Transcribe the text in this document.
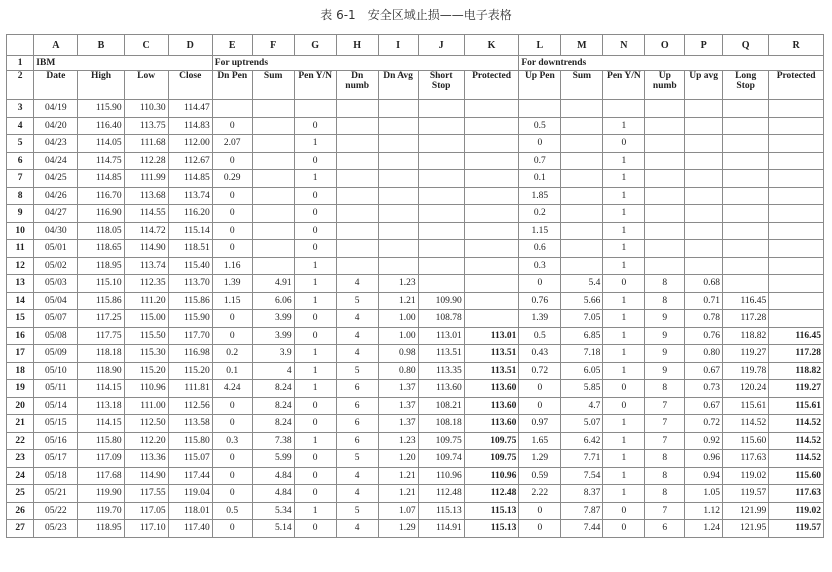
表 6-1　安全区域止损——电子表格
	A	B	C	D	E	F	G	H	I	J	K	L	M	N	O	P	Q	R
1	IBM				For uptrends							For downtrends						
2	Date	High	Low	Close	Dn Pen	Sum	Pen Y/N	Dn numb	Dn Avg	Short Stop	Protected	Up Pen	Sum	Pen Y/N	Up numb	Up avg	Long Stop	Protected
3	04/19	115.90	110.30	114.47														
4	04/20	116.40	113.75	114.83	0		0					0.5		1				
5	04/23	114.05	111.68	112.00	2.07		1					0		0				
6	04/24	114.75	112.28	112.67	0		0					0.7		1				
7	04/25	114.85	111.99	114.85	0.29		1					0.1		1				
8	04/26	116.70	113.68	113.74	0		0					1.85		1				
9	04/27	116.90	114.55	116.20	0		0					0.2		1				
10	04/30	118.05	114.72	115.14	0		0					1.15		1				
11	05/01	118.65	114.90	118.51	0		0					0.6		1				
12	05/02	118.95	113.74	115.40	1.16		1					0.3		1				
13	05/03	115.10	112.35	113.70	1.39	4.91	1	4	1.23			0	5.4	0	8	0.68		
14	05/04	115.86	111.20	115.86	1.15	6.06	1	5	1.21	109.90		0.76	5.66	1	8	0.71	116.45	
15	05/07	117.25	115.00	115.90	0	3.99	0	4	1.00	108.78		1.39	7.05	1	9	0.78	117.28	
16	05/08	117.75	115.50	117.70	0	3.99	0	4	1.00	113.01	113.01	0.5	6.85	1	9	0.76	118.82	116.45
17	05/09	118.18	115.30	116.98	0.2	3.9	1	4	0.98	113.51	113.51	0.43	7.18	1	9	0.80	119.27	117.28
18	05/10	118.90	115.20	115.20	0.1	4	1	5	0.80	113.35	113.51	0.72	6.05	1	9	0.67	119.78	118.82
19	05/11	114.15	110.96	111.81	4.24	8.24	1	6	1.37	113.60	113.60	0	5.85	0	8	0.73	120.24	119.27
20	05/14	113.18	111.00	112.56	0	8.24	0	6	1.37	108.21	113.60	0	4.7	0	7	0.67	115.61	115.61
21	05/15	114.15	112.50	113.58	0	8.24	0	6	1.37	108.18	113.60	0.97	5.07	1	7	0.72	114.52	114.52
22	05/16	115.80	112.20	115.80	0.3	7.38	1	6	1.23	109.75	109.75	1.65	6.42	1	7	0.92	115.60	114.52
23	05/17	117.09	113.36	115.07	0	5.99	0	5	1.20	109.74	109.75	1.29	7.71	1	8	0.96	117.63	114.52
24	05/18	117.68	114.90	117.44	0	4.84	0	4	1.21	110.96	110.96	0.59	7.54	1	8	0.94	119.02	115.60
25	05/21	119.90	117.55	119.04	0	4.84	0	4	1.21	112.48	112.48	2.22	8.37	1	8	1.05	119.57	117.63
26	05/22	119.70	117.05	118.01	0.5	5.34	1	5	1.07	115.13	115.13	0	7.87	0	7	1.12	121.99	119.02
27	05/23	118.95	117.10	117.40	0	5.14	0	4	1.29	114.91	115.13	0	7.44	0	6	1.24	121.95	119.57
